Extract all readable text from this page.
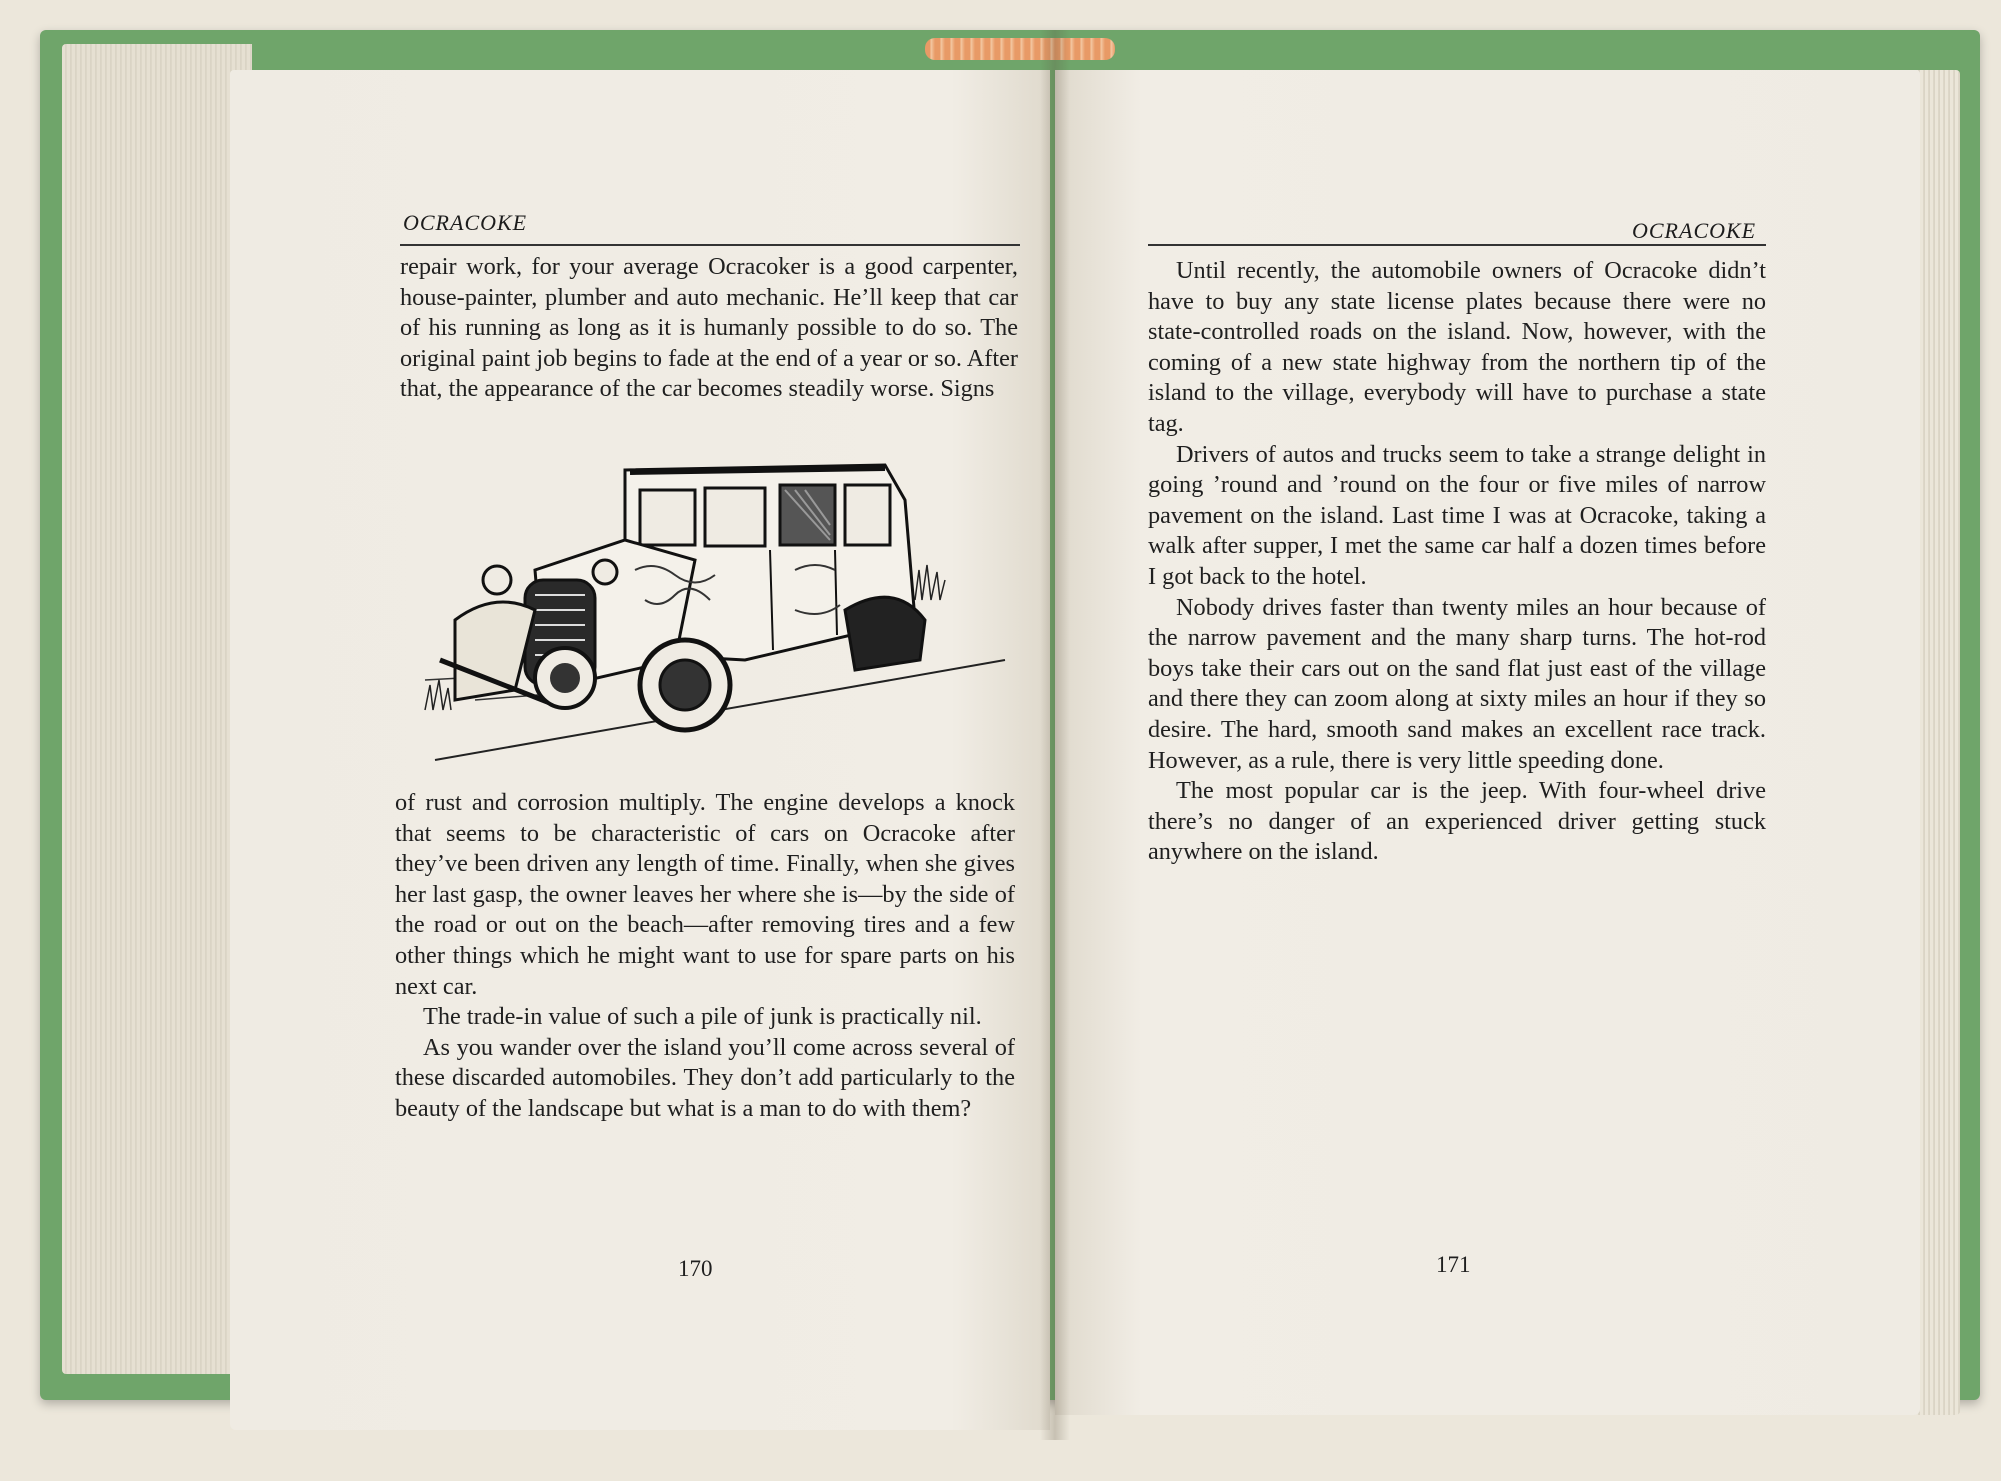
OCRACOKE

repair work, for your average Ocracoker is a good carpenter, house-painter, plumber and auto mechanic. He’ll keep that car of his running as long as it is humanly possible to do so. The original paint job begins to fade at the end of a year or so. After that, the appearance of the car becomes steadily worse. Signs

of rust and corrosion multiply. The engine develops a knock that seems to be characteristic of cars on Ocracoke after they’ve been driven any length of time. Finally, when she gives her last gasp, the owner leaves her where she is—by the side of the road or out on the beach—after removing tires and a few other things which he might want to use for spare parts on his next car.

The trade-in value of such a pile of junk is practically nil.

As you wander over the island you’ll come across several of these discarded automobiles. They don’t add particularly to the beauty of the landscape but what is a man to do with them?

170
OCRACOKE

Until recently, the automobile owners of Ocracoke didn’t have to buy any state license plates because there were no state-controlled roads on the island. Now, however, with the coming of a new state highway from the northern tip of the island to the village, everybody will have to purchase a state tag.

Drivers of autos and trucks seem to take a strange delight in going ’round and ’round on the four or five miles of narrow pavement on the island. Last time I was at Ocracoke, taking a walk after supper, I met the same car half a dozen times before I got back to the hotel.

Nobody drives faster than twenty miles an hour because of the narrow pavement and the many sharp turns. The hot-rod boys take their cars out on the sand flat just east of the village and there they can zoom along at sixty miles an hour if they so desire. The hard, smooth sand makes an excellent race track. However, as a rule, there is very little speeding done.

The most popular car is the jeep. With four-wheel drive there’s no danger of an experienced driver getting stuck anywhere on the island.

171
